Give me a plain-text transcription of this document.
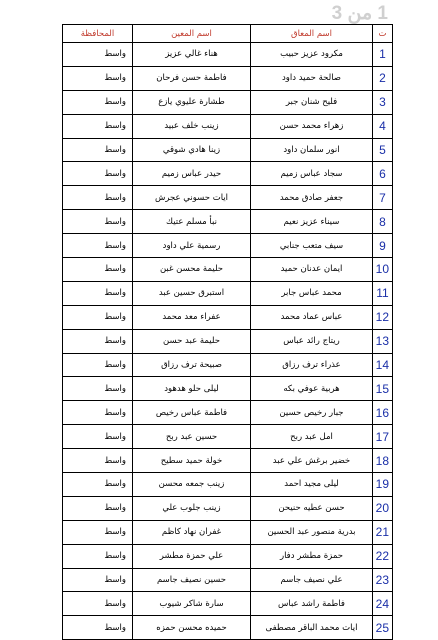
1 من 3
ت	اسم المعاق	اسم المعين	المحافظة
1	مكرود عزيز حبيب	هناء غالي عزيز	واسط
2	صالحة حميد داود	فاطمة حسن فرحان	واسط
3	فليح شنان جبر	طشارة عليوي يازع	واسط
4	زهراء محمد حسن	زينب خلف عبيد	واسط
5	انور سلمان داود	زينا هادي شوقي	واسط
6	سجاد عباس زميم	حيدر عباس زميم	واسط
7	جعفر صادق محمد	ايات حسوني عجرش	واسط
8	سيناء عزيز نعيم	نبأ مسلم عتيك	واسط
9	سيف متعب جنابي	رسمية علي داود	واسط
10	ايمان عدنان حميد	حليمة محسن غبن	واسط
11	محمد عباس جابر	استبرق حسين عبد	واسط
12	عباس عماد محمد	عفراء معد محمد	واسط
13	ريتاج رائد عباس	حليمة عبد حسن	واسط
14	عذراء ترف رزاق	صبيحة ترف رزاق	واسط
15	هربية عوفي بكه	ليلى حلو هدهود	واسط
16	جبار رخيص حسين	فاطمة عباس رخيص	واسط
17	امل عبد ربح	حسين عبد ربح	واسط
18	خضير برغش علي عبد	خولة حميد سطيح	واسط
19	ليلى مجيد احمد	زينب جمعه محسن	واسط
20	حسن عطيه حنيحن	زينب جلوب علي	واسط
21	بدرية منصور عبد الحسين	غفران نهاد كاظم	واسط
22	حمزة مطشر دفار	علي حمزة مطشر	واسط
23	علي نصيف جاسم	حسين نصيف جاسم	واسط
24	فاطمة راشد عباس	سارة شاكر شيوب	واسط
25	ايات محمد الباقر مصطفى	حميده محسن حمزه	واسط
